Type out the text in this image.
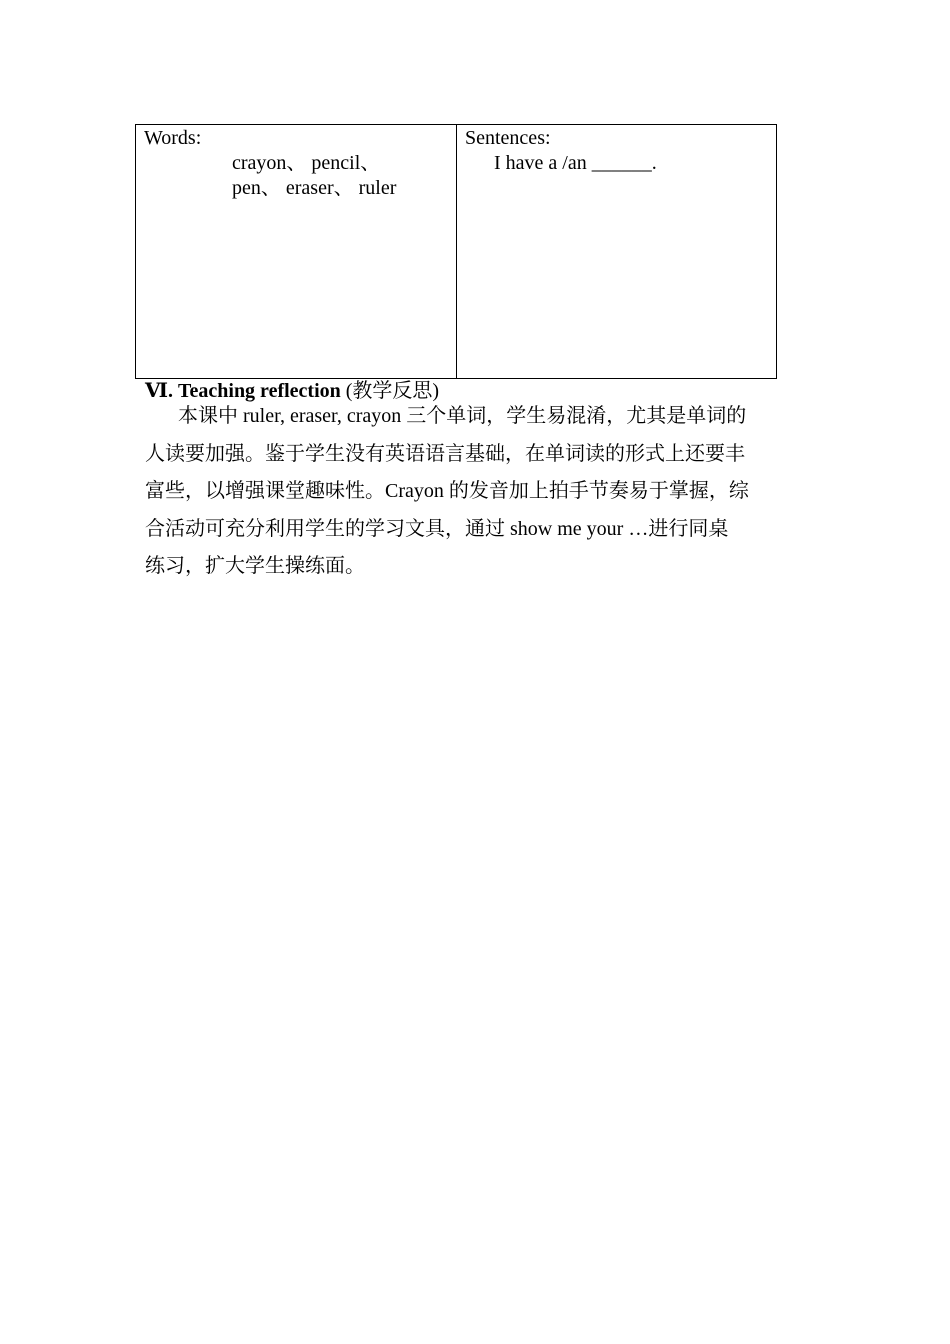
Words:
crayon、 pencil、
pen、 eraser、 ruler
Sentences:
I have a /an ______.
Ⅵ. Teaching reflection (教学反思)
本课中 ruler, eraser, crayon 三个单词，学生易混淆，尤其是单词的
人读要加强。鉴于学生没有英语语言基础，在单词读的形式上还要丰
富些，以增强课堂趣味性。Crayon 的发音加上拍手节奏易于掌握，综
合活动可充分利用学生的学习文具，通过 show me your …进行同桌
练习，扩大学生操练面。
